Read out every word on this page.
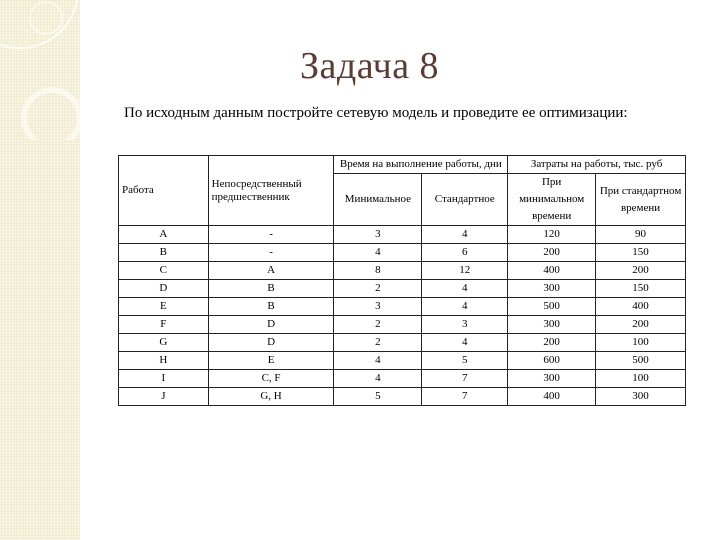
Задача 8
По исходным данным постройте сетевую модель и проведите ее оптимизации:
Работа	Непосредственный предшественник	Время на выполнение работы, дни		Затраты на работы, тыс. руб	
		Минимальное	Стандартное	При минимальном времени	При стандартном времени
A	-	3	4	120	90
B	-	4	6	200	150
C	A	8	12	400	200
D	B	2	4	300	150
E	B	3	4	500	400
F	D	2	3	300	200
G	D	2	4	200	100
H	E	4	5	600	500
I	C, F	4	7	300	100
J	G, H	5	7	400	300
